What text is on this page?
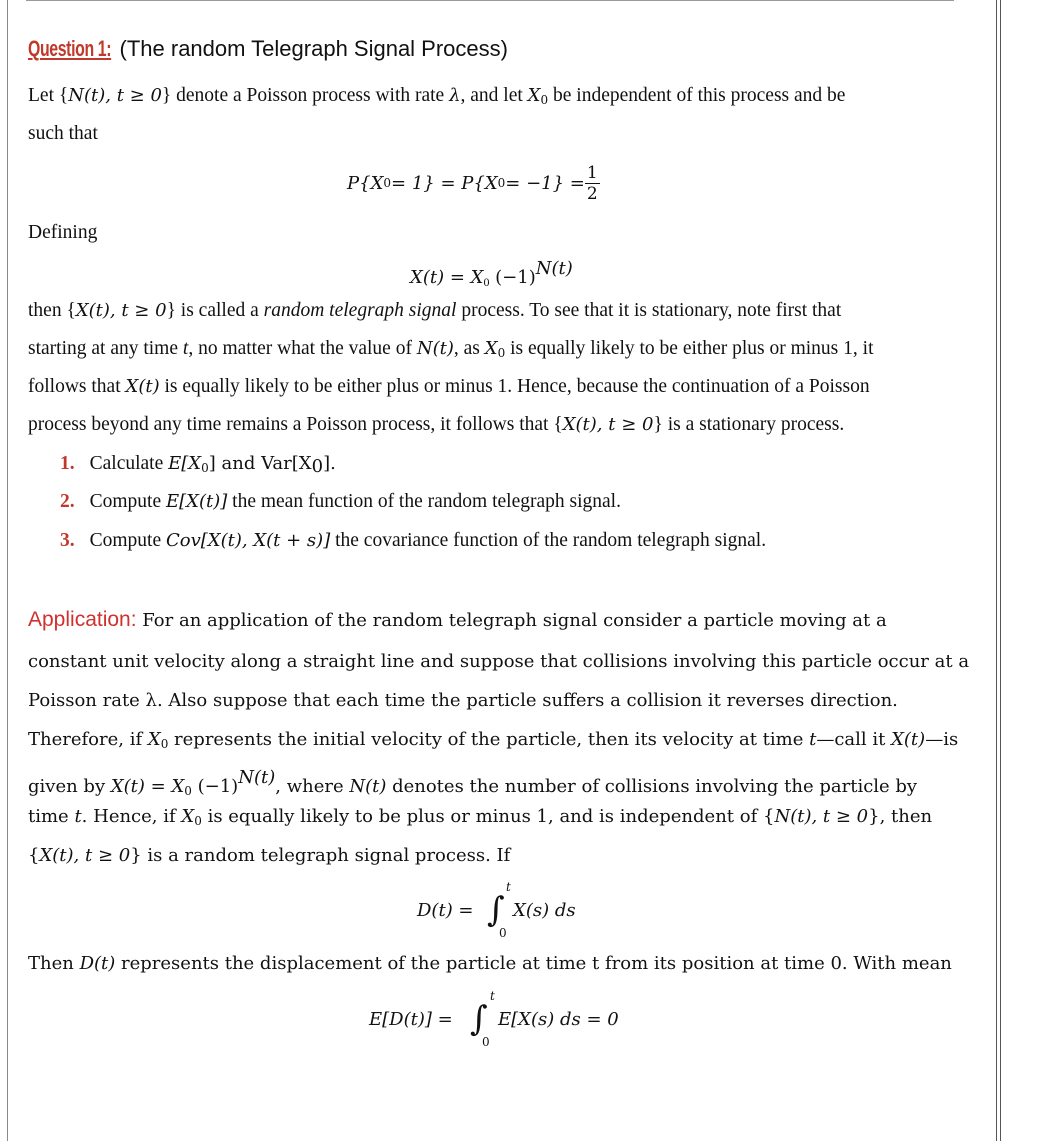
Question 1: (The random Telegraph Signal Process)
Let {N(t), t ≥ 0} denote a Poisson process with rate λ, and let $X_0$ be independent of this process and be
such that
P{X 0 = 1} = P{X $0 = -1\} = \frac{1}{2}$
Defining
$X(t) = X_0$ $(-1)^{N(t)}$
then {X(t), t ≥ 0} is called a random telegraph signal process. To see that it is stationary, note first that
starting at any time t, no matter what the value of N(t), as $X_0$ is equally likely to be either plus or minus 1, it
follows that X(t) is equally likely to be either plus or minus 1. Hence, because the continuation of a Poisson
process beyond any time remains a Poisson process, it follows that {X(t), t ≥ 0} is a stationary process.
1. Calculate $E[X_0]$ and $Var[X_0]$.
2. Compute E[X(t)] the mean function of the random telegraph signal.
3. Compute Cov[X(t), X(t + s)] the covariance function of the random telegraph signal.
Application: For an application of the random telegraph signal consider a particle moving at a
constant unit velocity along a straight line and suppose that collisions involving this particle occur at a
Poisson rate λ. Also suppose that each time the particle suffers a collision it reverses direction.
Therefore, if $X_0$ represents the initial velocity of the particle, then its velocity at time t—call it X(t)—is
given by $X(t) = X_0$ $(-1)^{N(t)}$, where N(t) denotes the number of collisions involving the particle by
time t. Hence, if $X_0$ is equally likely to be plus or minus 1, and is independent of {N(t), t ≥ 0}, then
{X(t), t ≥ 0} is a random telegraph signal process. If
D(t) = ∫
t
0
X(s) ds
Then D(t) represents the displacement of the particle at time t from its position at time 0. With mean
E[D(t)] = ∫
t
0
E[X(s) ds = 0
